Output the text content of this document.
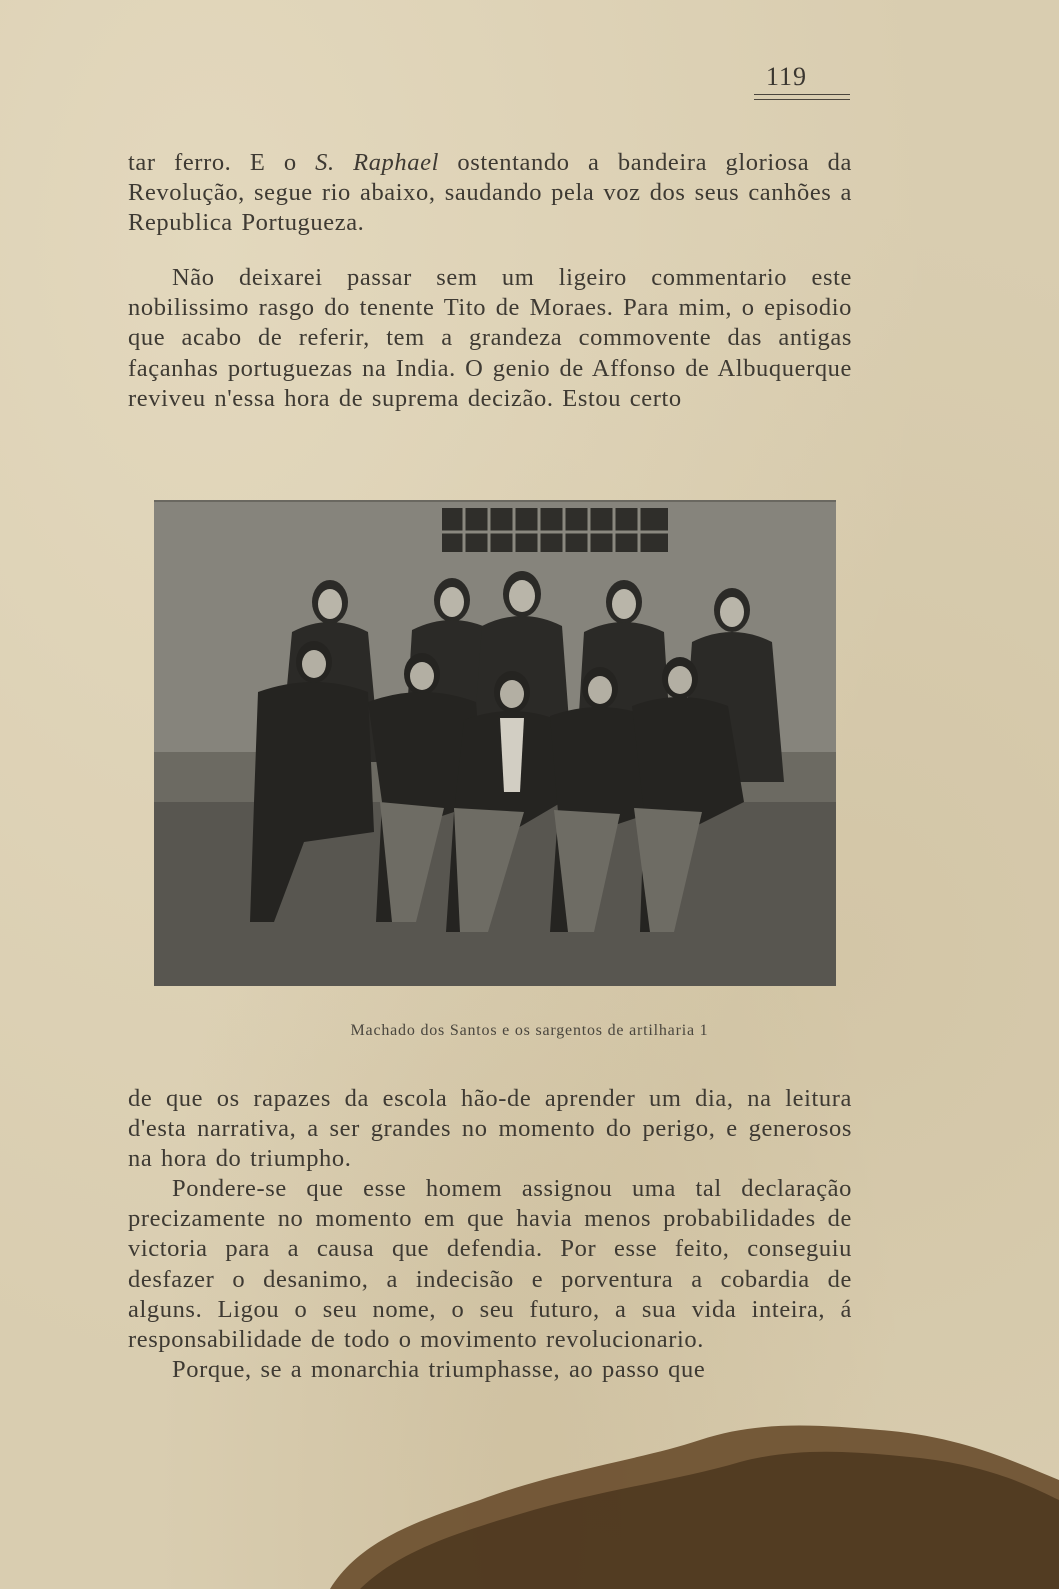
119

tar ferro. E o S. Raphael ostentando a bandeira gloriosa da Revolução, segue rio abaixo, saudando pela voz dos seus canhões a Republica Portugueza.

Não deixarei passar sem um ligeiro commentario este nobilissimo rasgo do tenente Tito de Moraes. Para mim, o episodio que acabo de referir, tem a grandeza commovente das antigas façanhas portuguezas na India. O genio de Affonso de Albuquerque reviveu n'essa hora de suprema decizão. Estou certo

Machado dos Santos e os sargentos de artilharia 1

de que os rapazes da escola hão-de aprender um dia, na leitura d'esta narrativa, a ser grandes no momento do perigo, e generosos na hora do triumpho.

Pondere-se que esse homem assignou uma tal declaração precizamente no momento em que havia menos probabilidades de victoria para a causa que defendia. Por esse feito, conseguiu desfazer o desanimo, a indecisão e porventura a cobardia de alguns. Ligou o seu nome, o seu futuro, a sua vida inteira, á responsabilidade de todo o movimento revolucionario.

Porque, se a monarchia triumphasse, ao passo que
